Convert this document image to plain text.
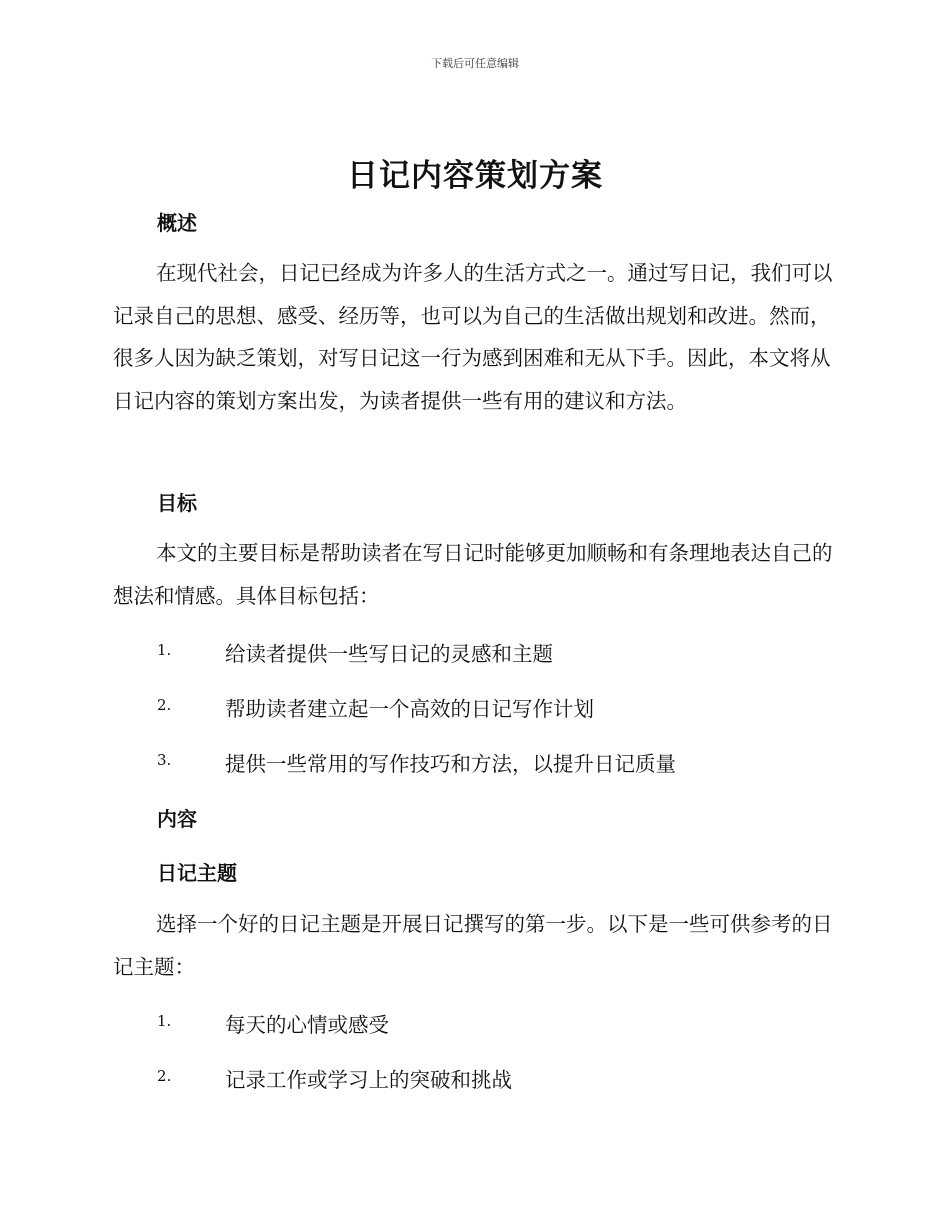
下载后可任意编辑
日记内容策划方案
概述
在现代社会，日记已经成为许多人的生活方式之一。通过写日记，我们可以记录自己的思想、感受、经历等，也可以为自己的生活做出规划和改进。然而，很多人因为缺乏策划，对写日记这一行为感到困难和无从下手。因此，本文将从日记内容的策划方案出发，为读者提供一些有用的建议和方法。
目标
本文的主要目标是帮助读者在写日记时能够更加顺畅和有条理地表达自己的想法和情感。具体目标包括：
1.	给读者提供一些写日记的灵感和主题
2.	帮助读者建立起一个高效的日记写作计划
3.	提供一些常用的写作技巧和方法，以提升日记质量
内容
日记主题
选择一个好的日记主题是开展日记撰写的第一步。以下是一些可供参考的日记主题：
1.	每天的心情或感受
2.	记录工作或学习上的突破和挑战
